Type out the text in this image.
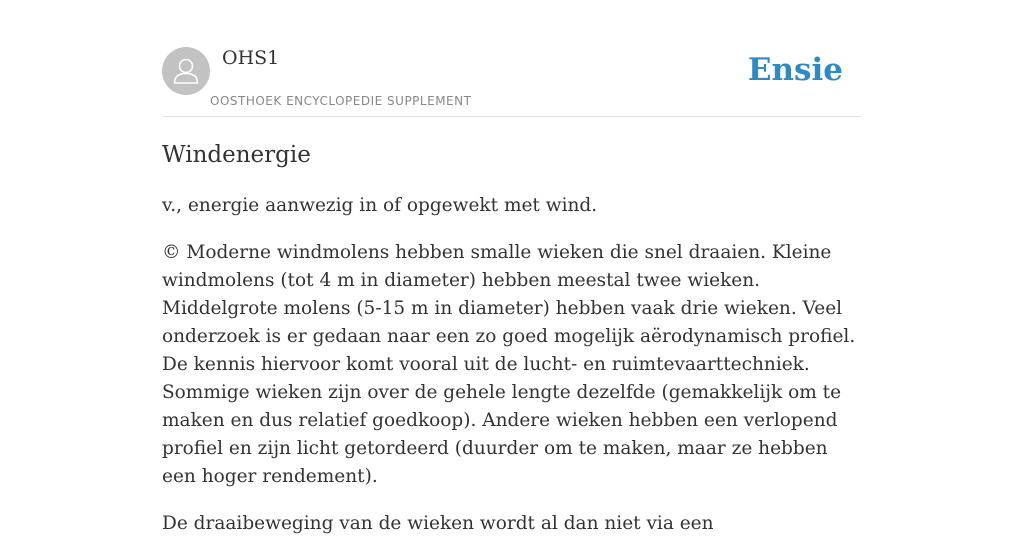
OHS1
OOSTHOEK ENCYCLOPEDIE SUPPLEMENT
Ensie
Windenergie

v., energie aanwezig in of opgewekt met wind.

© Moderne windmolens hebben smalle wieken die snel draaien. Kleine windmolens (tot 4 m in diameter) hebben meestal twee wieken. Middelgrote molens (5-15 m in diameter) hebben vaak drie wieken. Veel onderzoek is er gedaan naar een zo goed mogelijk aërodynamisch profiel. De kennis hiervoor komt vooral uit de lucht- en ruimtevaarttechniek. Sommige wieken zijn over de gehele lengte dezelfde (gemakkelijk om te maken en dus relatief goedkoop). Andere wieken hebben een verlopend profiel en zijn licht getordeerd (duurder om te maken, maar ze hebben een hoger rendement).

De draaibeweging van de wieken wordt al dan niet via een
